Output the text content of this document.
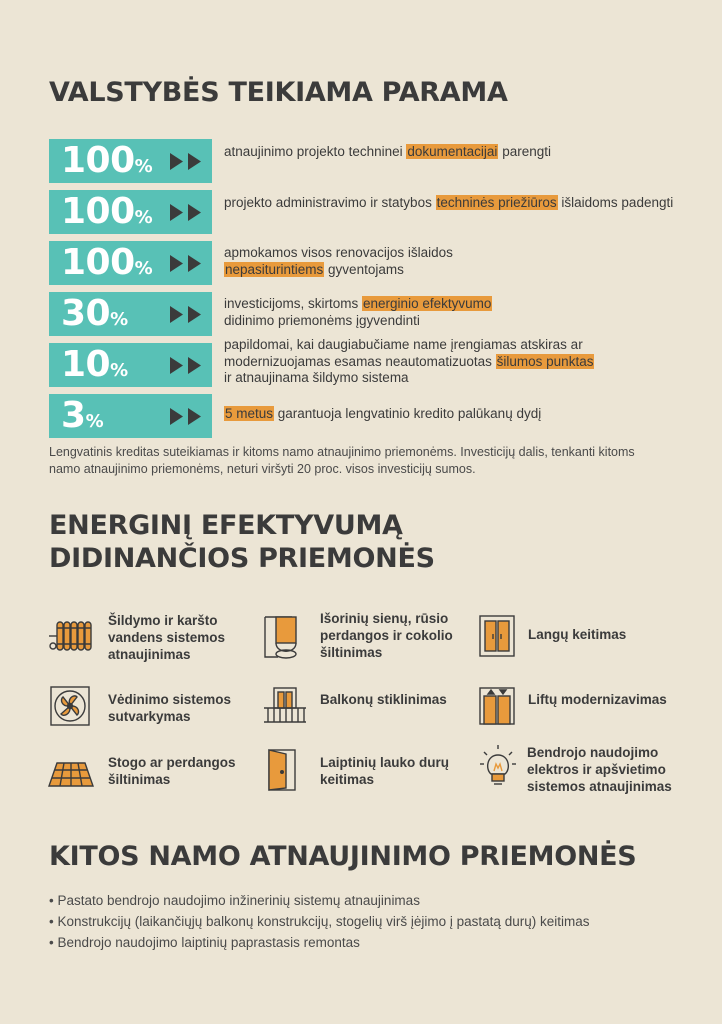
VALSTYBĖS TEIKIAMA PARAMA
100%
atnaujinimo projekto techninei dokumentacijai parengti
100%
projekto administravimo ir statybos techninės priežiūros išlaidoms padengti
100%
apmokamos visos renovacijos išlaidos nepasiturintiems gyventojams
30%
investicijoms, skirtoms energinio efektyvumo didinimo priemonėms įgyvendinti
10%
papildomai, kai daugiabučiame name įrengiamas atskiras ar modernizuojamas esamas neautomatizuotas šilumos punktas ir atnaujinama šildymo sistema
3%	5 metus garantuoja lengvatinio kredito palūkanų dydį

Lengvatinis kreditas suteikiamas ir kitoms namo atnaujinimo priemonėms. Investicijų dalis, tenkanti kitoms namo atnaujinimo priemonėms, neturi viršyti 20 proc. visos investicijų sumos.

ENERGINĮ EFEKTYVUMĄ
DIDINANČIOS PRIEMONĖS
Šildymo ir karšto vandens sistemos atnaujinimas
Išorinių sienų, rūsio perdangos ir cokolio šiltinimas
Langų keitimas
Vėdinimo sistemos sutvarkymas
Balkonų stiklinimas	Liftų modernizavimas
Stogo ar perdangos šiltinimas
Laiptinių lauko durų keitimas
Bendrojo naudojimo elektros ir apšvietimo sistemos atnaujinimas
KITOS NAMO ATNAUJINIMO PRIEMONĖS
• Pastato bendrojo naudojimo inžinerinių sistemų atnaujinimas
• Konstrukcijų (laikančiųjų balkonų konstrukcijų, stogelių virš įėjimo į pastatą durų) keitimas
• Bendrojo naudojimo laiptinių paprastasis remontas
